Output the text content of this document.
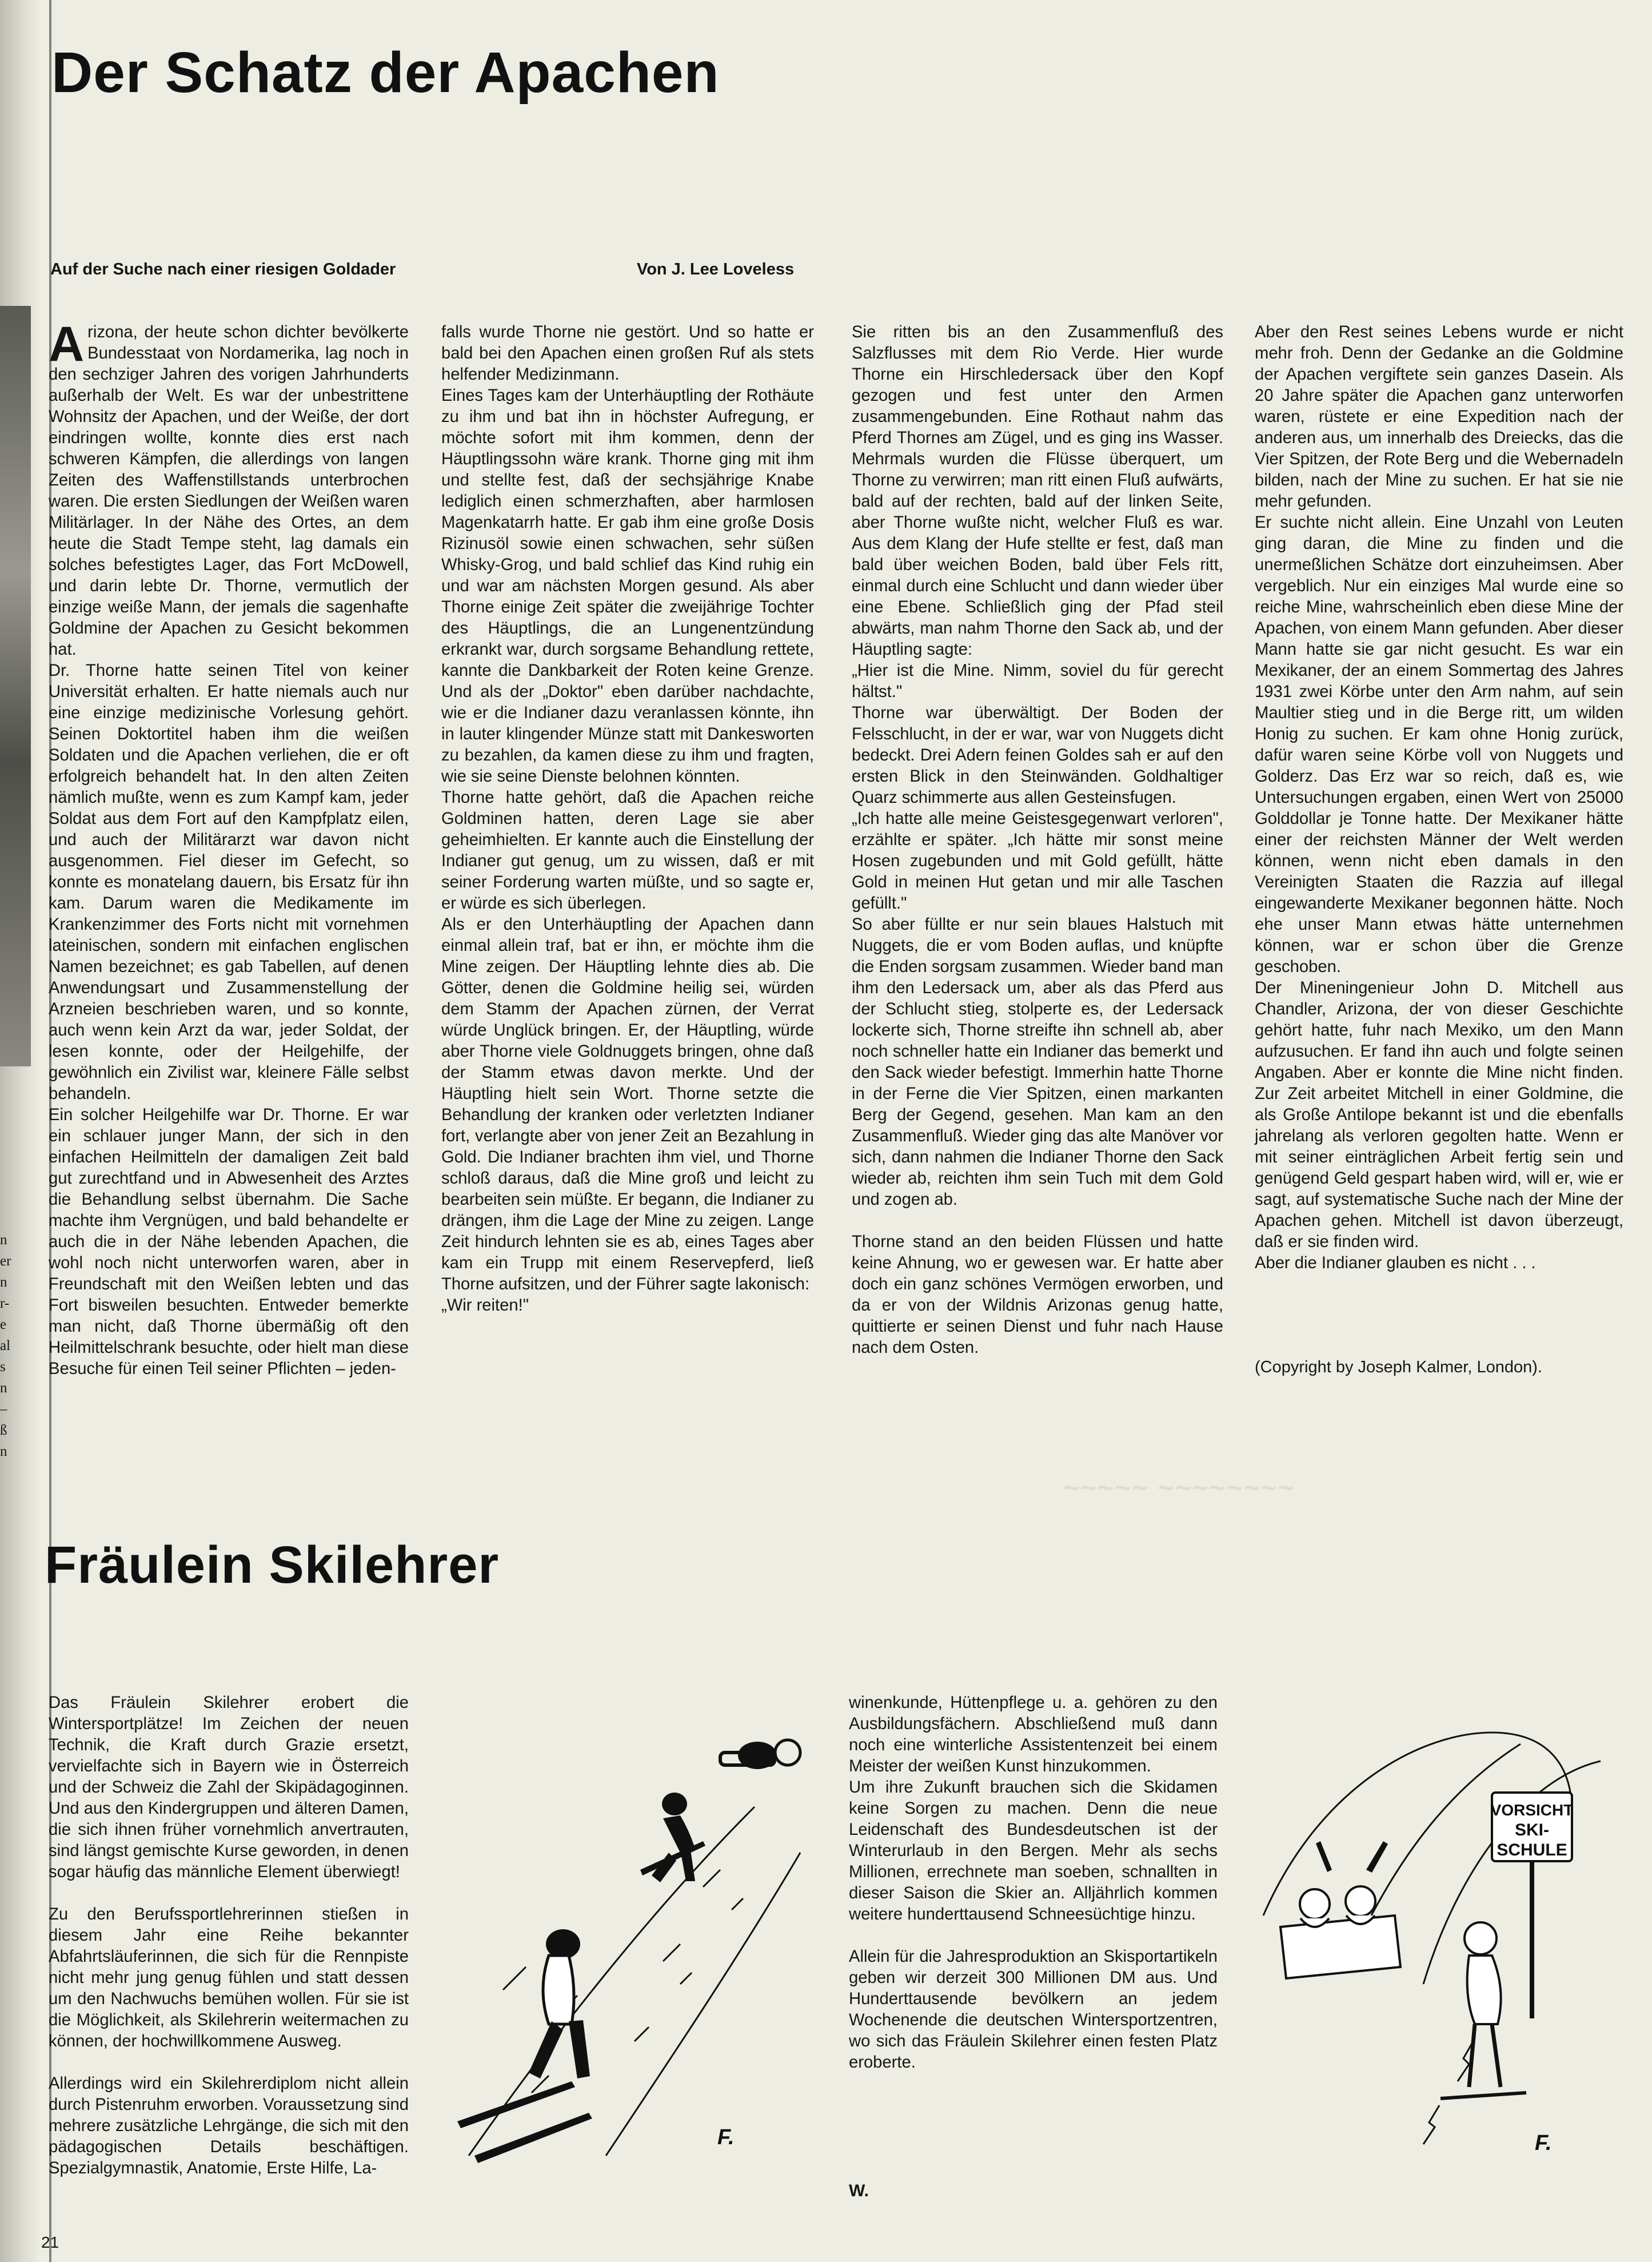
n
er
n
r-
e
al
s
n
–
ß
n
Der Schatz der Apachen
Auf der Suche nach einer riesigen Goldader	Von J. Lee Loveless

Arizona, der heute schon dichter bevölkerte Bundesstaat von Nordamerika, lag noch in den sechziger Jahren des vorigen Jahrhunderts außerhalb der Welt. Es war der unbestrittene Wohnsitz der Apachen, und der Weiße, der dort eindringen wollte, konnte dies erst nach schweren Kämpfen, die allerdings von langen Zeiten des Waffenstillstands unterbrochen waren. Die ersten Siedlungen der Weißen waren Militärlager. In der Nähe des Ortes, an dem heute die Stadt Tempe steht, lag damals ein solches befestigtes Lager, das Fort McDowell, und darin lebte Dr. Thorne, vermutlich der einzige weiße Mann, der jemals die sagenhafte Goldmine der Apachen zu Gesicht bekommen hat.

Dr. Thorne hatte seinen Titel von keiner Universität erhalten. Er hatte niemals auch nur eine einzige medizinische Vorlesung gehört. Seinen Doktortitel haben ihm die weißen Soldaten und die Apachen verliehen, die er oft erfolgreich behandelt hat. In den alten Zeiten nämlich mußte, wenn es zum Kampf kam, jeder Soldat aus dem Fort auf den Kampfplatz eilen, und auch der Militärarzt war davon nicht ausgenommen. Fiel dieser im Gefecht, so konnte es monatelang dauern, bis Ersatz für ihn kam. Darum waren die Medikamente im Krankenzimmer des Forts nicht mit vornehmen lateinischen, sondern mit einfachen englischen Namen bezeichnet; es gab Tabellen, auf denen Anwendungsart und Zusammenstellung der Arzneien beschrieben waren, und so konnte, auch wenn kein Arzt da war, jeder Soldat, der lesen konnte, oder der Heilgehilfe, der gewöhnlich ein Zivilist war, kleinere Fälle selbst behandeln.

Ein solcher Heilgehilfe war Dr. Thorne. Er war ein schlauer junger Mann, der sich in den einfachen Heilmitteln der damaligen Zeit bald gut zurechtfand und in Abwesenheit des Arztes die Behandlung selbst übernahm. Die Sache machte ihm Vergnügen, und bald behandelte er auch die in der Nähe lebenden Apachen, die wohl noch nicht unterworfen waren, aber in Freundschaft mit den Weißen lebten und das Fort bisweilen besuchten. Entweder bemerkte man nicht, daß Thorne übermäßig oft den Heilmittelschrank besuchte, oder hielt man diese Besuche für einen Teil seiner Pflichten – jeden-

falls wurde Thorne nie gestört. Und so hatte er bald bei den Apachen einen großen Ruf als stets helfender Medizinmann.

Eines Tages kam der Unterhäuptling der Rothäute zu ihm und bat ihn in höchster Aufregung, er möchte sofort mit ihm kommen, denn der Häuptlingssohn wäre krank. Thorne ging mit ihm und stellte fest, daß der sechsjährige Knabe lediglich einen schmerzhaften, aber harmlosen Magenkatarrh hatte. Er gab ihm eine große Dosis Rizinusöl sowie einen schwachen, sehr süßen Whisky-Grog, und bald schlief das Kind ruhig ein und war am nächsten Morgen gesund. Als aber Thorne einige Zeit später die zweijährige Tochter des Häuptlings, die an Lungenentzündung erkrankt war, durch sorgsame Behandlung rettete, kannte die Dankbarkeit der Roten keine Grenze. Und als der „Doktor" eben darüber nachdachte, wie er die Indianer dazu veranlassen könnte, ihn in lauter klingender Münze statt mit Dankesworten zu bezahlen, da kamen diese zu ihm und fragten, wie sie seine Dienste belohnen könnten.

Thorne hatte gehört, daß die Apachen reiche Goldminen hatten, deren Lage sie aber geheimhielten. Er kannte auch die Einstellung der Indianer gut genug, um zu wissen, daß er mit seiner Forderung warten müßte, und so sagte er, er würde es sich überlegen.

Als er den Unterhäuptling der Apachen dann einmal allein traf, bat er ihn, er möchte ihm die Mine zeigen. Der Häuptling lehnte dies ab. Die Götter, denen die Goldmine heilig sei, würden dem Stamm der Apachen zürnen, der Verrat würde Unglück bringen. Er, der Häuptling, würde aber Thorne viele Goldnuggets bringen, ohne daß der Stamm etwas davon merkte. Und der Häuptling hielt sein Wort. Thorne setzte die Behandlung der kranken oder verletzten Indianer fort, verlangte aber von jener Zeit an Bezahlung in Gold. Die Indianer brachten ihm viel, und Thorne schloß daraus, daß die Mine groß und leicht zu bearbeiten sein müßte. Er begann, die Indianer zu drängen, ihm die Lage der Mine zu zeigen. Lange Zeit hindurch lehnten sie es ab, eines Tages aber kam ein Trupp mit einem Reservepferd, ließ Thorne aufsitzen, und der Führer sagte lakonisch:

„Wir reiten!"

Sie ritten bis an den Zusammenfluß des Salzflusses mit dem Rio Verde. Hier wurde Thorne ein Hirschledersack über den Kopf gezogen und fest unter den Armen zusammengebunden. Eine Rothaut nahm das Pferd Thornes am Zügel, und es ging ins Wasser. Mehrmals wurden die Flüsse überquert, um Thorne zu verwirren; man ritt einen Fluß aufwärts, bald auf der rechten, bald auf der linken Seite, aber Thorne wußte nicht, welcher Fluß es war. Aus dem Klang der Hufe stellte er fest, daß man bald über weichen Boden, bald über Fels ritt, einmal durch eine Schlucht und dann wieder über eine Ebene. Schließlich ging der Pfad steil abwärts, man nahm Thorne den Sack ab, und der Häuptling sagte:

„Hier ist die Mine. Nimm, soviel du für gerecht hältst."

Thorne war überwältigt. Der Boden der Felsschlucht, in der er war, war von Nuggets dicht bedeckt. Drei Adern feinen Goldes sah er auf den ersten Blick in den Steinwänden. Goldhaltiger Quarz schimmerte aus allen Gesteinsfugen.

„Ich hatte alle meine Geistesgegenwart verloren", erzählte er später. „Ich hätte mir sonst meine Hosen zugebunden und mit Gold gefüllt, hätte Gold in meinen Hut getan und mir alle Taschen gefüllt."

So aber füllte er nur sein blaues Halstuch mit Nuggets, die er vom Boden auflas, und knüpfte die Enden sorgsam zusammen. Wieder band man ihm den Ledersack um, aber als das Pferd aus der Schlucht stieg, stolperte es, der Ledersack lockerte sich, Thorne streifte ihn schnell ab, aber noch schneller hatte ein Indianer das bemerkt und den Sack wieder befestigt. Immerhin hatte Thorne in der Ferne die Vier Spitzen, einen markanten Berg der Gegend, gesehen. Man kam an den Zusammenfluß. Wieder ging das alte Manöver vor sich, dann nahmen die Indianer Thorne den Sack wieder ab, reichten ihm sein Tuch mit dem Gold und zogen ab.

Thorne stand an den beiden Flüssen und hatte keine Ahnung, wo er gewesen war. Er hatte aber doch ein ganz schönes Vermögen erworben, und da er von der Wildnis Arizonas genug hatte, quittierte er seinen Dienst und fuhr nach Hause nach dem Osten.

Aber den Rest seines Lebens wurde er nicht mehr froh. Denn der Gedanke an die Goldmine der Apachen vergiftete sein ganzes Dasein. Als 20 Jahre später die Apachen ganz unterworfen waren, rüstete er eine Expedition nach der anderen aus, um innerhalb des Dreiecks, das die Vier Spitzen, der Rote Berg und die Webernadeln bilden, nach der Mine zu suchen. Er hat sie nie mehr gefunden.

Er suchte nicht allein. Eine Unzahl von Leuten ging daran, die Mine zu finden und die unermeßlichen Schätze dort einzuheimsen. Aber vergeblich. Nur ein einziges Mal wurde eine so reiche Mine, wahrscheinlich eben diese Mine der Apachen, von einem Mann gefunden. Aber dieser Mann hatte sie gar nicht gesucht. Es war ein Mexikaner, der an einem Sommertag des Jahres 1931 zwei Körbe unter den Arm nahm, auf sein Maultier stieg und in die Berge ritt, um wilden Honig zu suchen. Er kam ohne Honig zurück, dafür waren seine Körbe voll von Nuggets und Golderz. Das Erz war so reich, daß es, wie Untersuchungen ergaben, einen Wert von 25000 Golddollar je Tonne hatte. Der Mexikaner hätte einer der reichsten Männer der Welt werden können, wenn nicht eben damals in den Vereinigten Staaten die Razzia auf illegal eingewanderte Mexikaner begonnen hätte. Noch ehe unser Mann etwas hätte unternehmen können, war er schon über die Grenze geschoben.

Der Mineningenieur John D. Mitchell aus Chandler, Arizona, der von dieser Geschichte gehört hatte, fuhr nach Mexiko, um den Mann aufzusuchen. Er fand ihn auch und folgte seinen Angaben. Aber er konnte die Mine nicht finden. Zur Zeit arbeitet Mitchell in einer Goldmine, die als Große Antilope bekannt ist und die ebenfalls jahrelang als verloren gegolten hatte. Wenn er mit seiner einträglichen Arbeit fertig sein und genügend Geld gespart haben wird, will er, wie er sagt, auf systematische Suche nach der Mine der Apachen gehen. Mitchell ist davon überzeugt, daß er sie finden wird.

Aber die Indianer glauben es nicht . . .

(Copyright by Joseph Kalmer, London).
~~~~~ ~~~~~~~~
Fräulein Skilehrer

Das Fräulein Skilehrer erobert die Wintersportplätze! Im Zeichen der neuen Technik, die Kraft durch Grazie ersetzt, vervielfachte sich in Bayern wie in Österreich und der Schweiz die Zahl der Skipädagoginnen. Und aus den Kindergruppen und älteren Damen, die sich ihnen früher vornehmlich anvertrauten, sind längst gemischte Kurse geworden, in denen sogar häufig das männliche Element überwiegt!

Zu den Berufssportlehrerinnen stießen in diesem Jahr eine Reihe bekannter Abfahrtsläuferinnen, die sich für die Rennpiste nicht mehr jung genug fühlen und statt dessen um den Nachwuchs bemühen wollen. Für sie ist die Möglichkeit, als Skilehrerin weitermachen zu können, der hochwillkommene Ausweg.

Allerdings wird ein Skilehrerdiplom nicht allein durch Pistenruhm erworben. Voraussetzung sind mehrere zusätzliche Lehrgänge, die sich mit den pädagogischen Details beschäftigen. Spezialgymnastik, Anatomie, Erste Hilfe, La-

winenkunde, Hüttenpflege u. a. gehören zu den Ausbildungsfächern. Abschließend muß dann noch eine winterliche Assistentenzeit bei einem Meister der weißen Kunst hinzukommen.

Um ihre Zukunft brauchen sich die Skidamen keine Sorgen zu machen. Denn die neue Leidenschaft des Bundesdeutschen ist der Winterurlaub in den Bergen. Mehr als sechs Millionen, errechnete man soeben, schnallten in dieser Saison die Skier an. Alljährlich kommen weitere hunderttausend Schneesüchtige hinzu.

Allein für die Jahresproduktion an Skisportartikeln geben wir derzeit 300 Millionen DM aus. Und Hunderttausende bevölkern an jedem Wochenende die deutschen Wintersportzentren, wo sich das Fräulein Skilehrer einen festen Platz eroberte.

W.
F.
VORSICHT
SKI-
SCHULE
F.
21
